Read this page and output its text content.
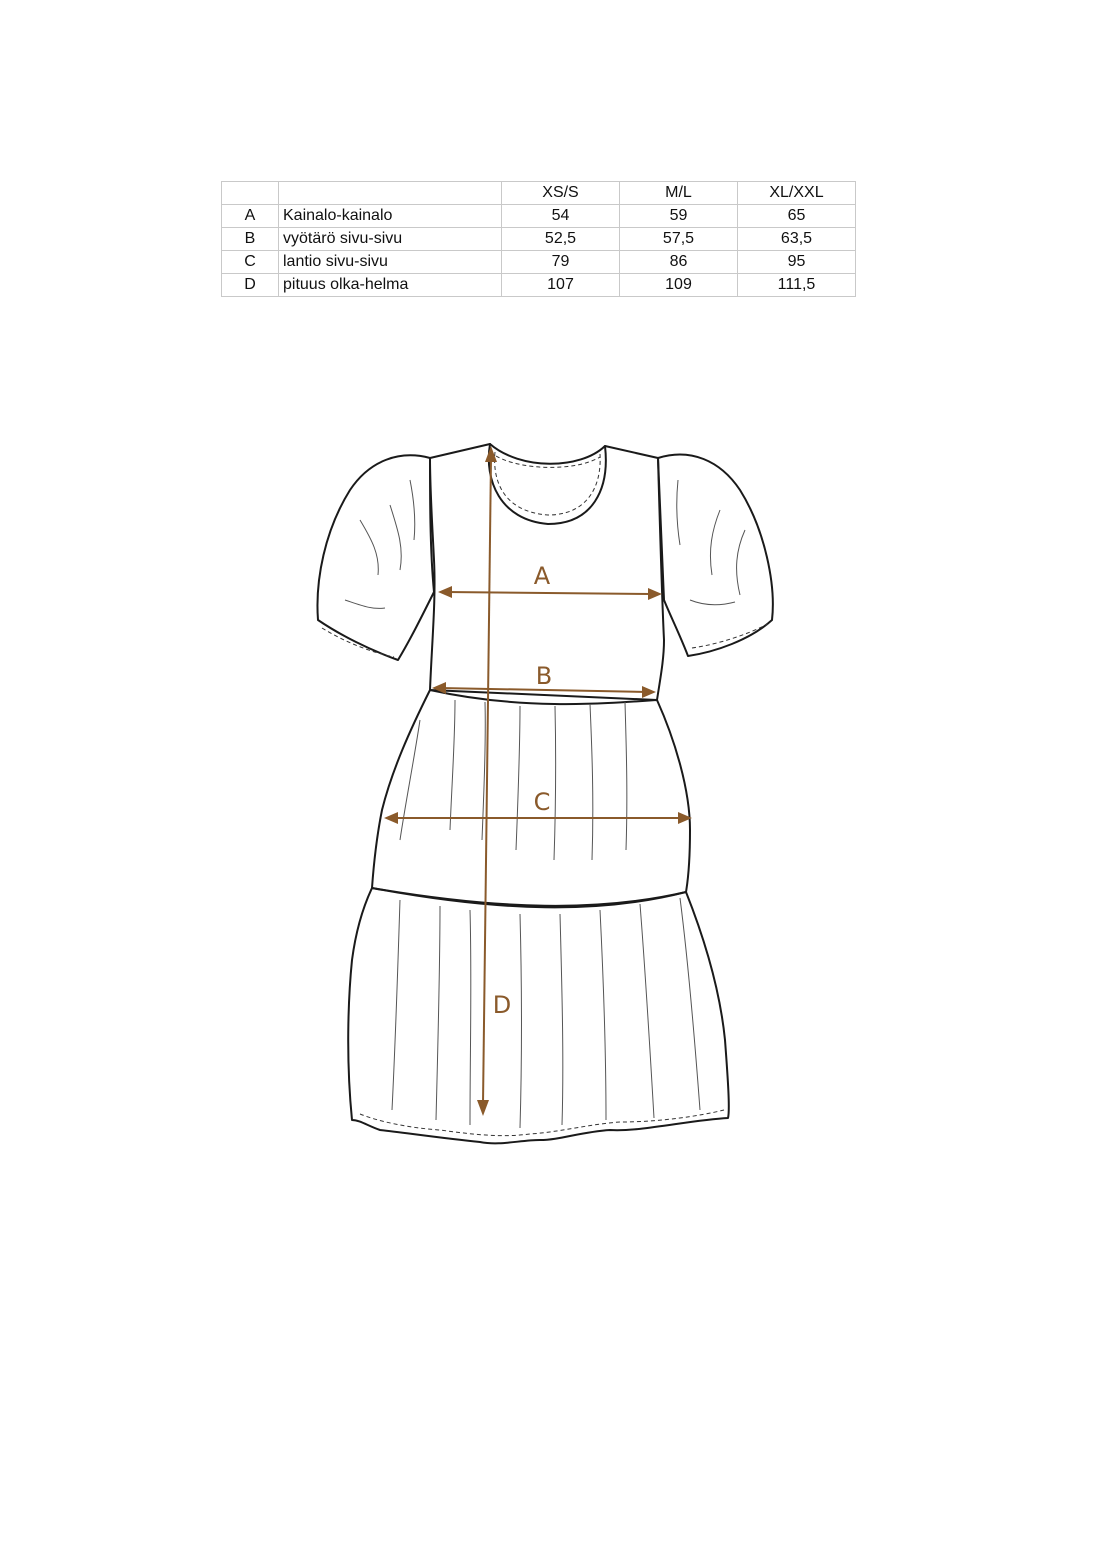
		XS/S	M/L	XL/XXL
A	Kainalo-kainalo	54	59	65
B	vyötärö sivu-sivu	52,5	57,5	63,5
C	lantio sivu-sivu	79	86	95
D	pituus olka-helma	107	109	111,5
A
B
C
D
